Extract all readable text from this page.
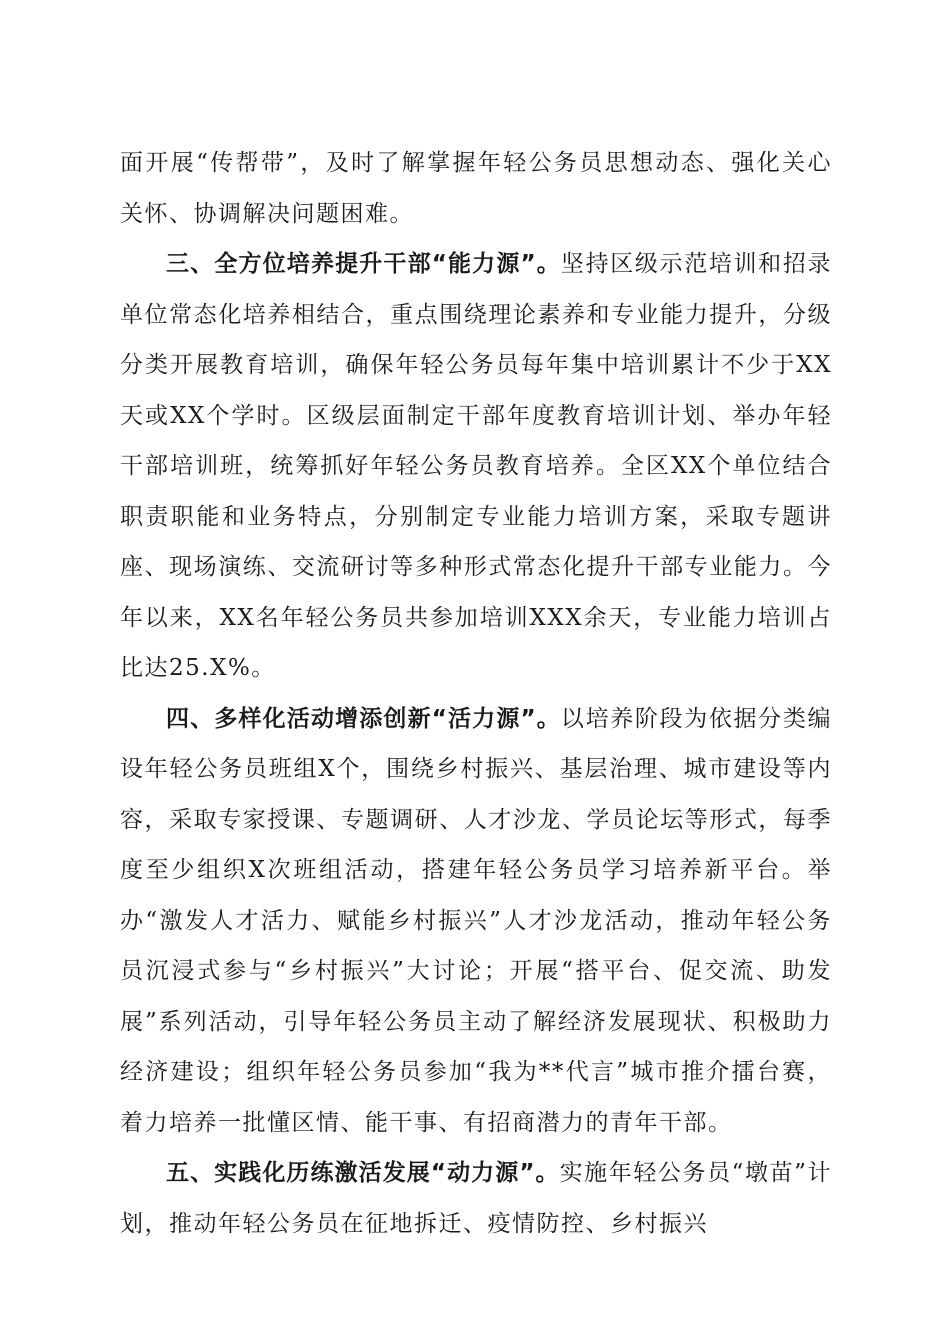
面开展“传帮带”，及时了解掌握年轻公务员思想动态、强化关心关怀、协调解决问题困难。

三、全方位培养提升干部“能力源”。坚持区级示范培训和招录单位常态化培养相结合，重点围绕理论素养和专业能力提升，分级分类开展教育培训，确保年轻公务员每年集中培训累计不少于XX天或XX个学时。区级层面制定干部年度教育培训计划、举办年轻干部培训班，统筹抓好年轻公务员教育培养。全区XX个单位结合职责职能和业务特点，分别制定专业能力培训方案，采取专题讲座、现场演练、交流研讨等多种形式常态化提升干部专业能力。今年以来，XX名年轻公务员共参加培训XXX余天，专业能力培训占比达25.X%。

四、多样化活动增添创新“活力源”。以培养阶段为依据分类编设年轻公务员班组X个，围绕乡村振兴、基层治理、城市建设等内容，采取专家授课、专题调研、人才沙龙、学员论坛等形式，每季度至少组织X次班组活动，搭建年轻公务员学习培养新平台。举办“激发人才活力、赋能乡村振兴”人才沙龙活动，推动年轻公务员沉浸式参与“乡村振兴”大讨论；开展“搭平台、促交流、助发展”系列活动，引导年轻公务员主动了解经济发展现状、积极助力经济建设；组织年轻公务员参加“我为**代言”城市推介擂台赛，着力培养一批懂区情、能干事、有招商潜力的青年干部。

五、实践化历练激活发展“动力源”。实施年轻公务员“墩苗”计划，推动年轻公务员在征地拆迁、疫情防控、乡村振兴
